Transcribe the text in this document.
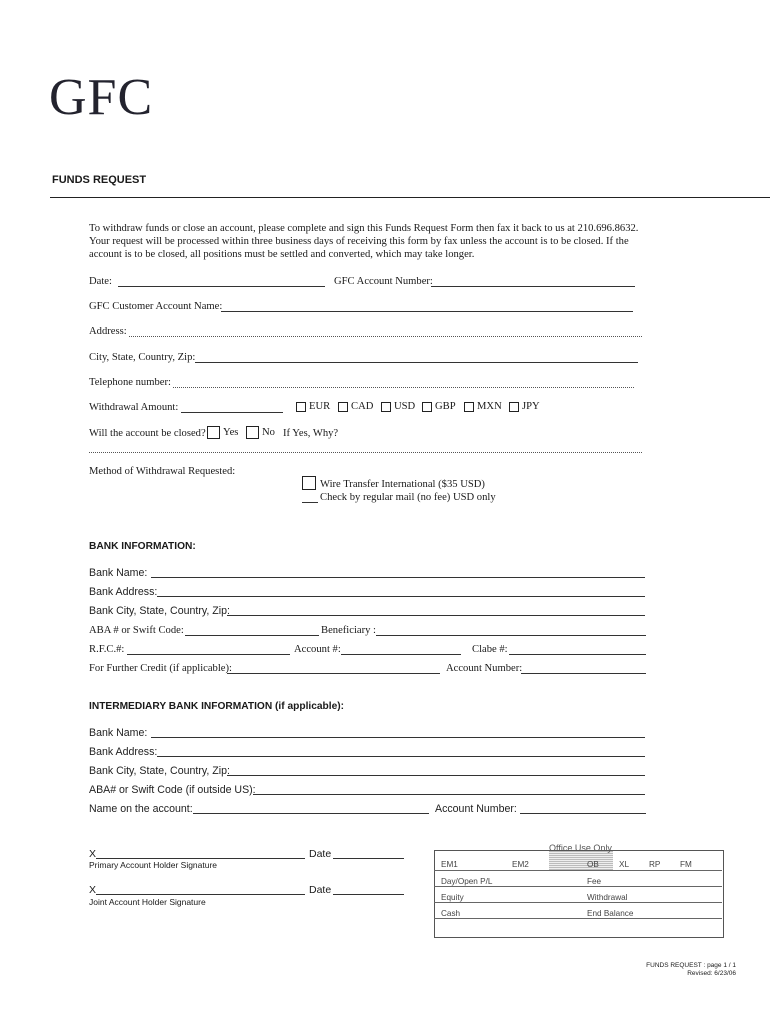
GFC
FUNDS REQUEST
To withdraw funds or close an account, please complete and sign this Funds Request Form then fax it back to us at 210.696.8632. Your request will be processed within three business days of receiving this form by fax unless the account is to be closed. If the account is to be closed, all positions must be settled and converted, which may take longer.
Date:	GFC Account Number:
GFC Customer Account Name:
Address:
City, State, Country, Zip:
Telephone number:
Withdrawal Amount:	EUR CAD USD GBP MXN JPY
Will the account be closed? Yes No If Yes, Why?
Method of Withdrawal Requested:
Wire Transfer International ($35 USD)
Check by regular mail (no fee) USD only
BANK INFORMATION:
Bank Name:
Bank Address:
Bank City, State, Country, Zip:
ABA # or Swift Code:	Beneficiary :
R.F.C.#:	Account #:	Clabe #:
For Further Credit (if applicable):	Account Number:
INTERMEDIARY BANK INFORMATION (if applicable):
Bank Name:
Bank Address:
Bank City, State, Country, Zip:
ABA# or Swift Code (if outside US):
Name on the account:	Account Number:
X	Date
Primary Account Holder Signature
X	Date
Joint Account Holder Signature
Office Use Only
EM1	EM2	OB XL RP FM
Day/Open P/L	Fee
Equity	Withdrawal
Cash	End Balance
FUNDS REQUEST : page 1 / 1
Revised: 6/23/06
